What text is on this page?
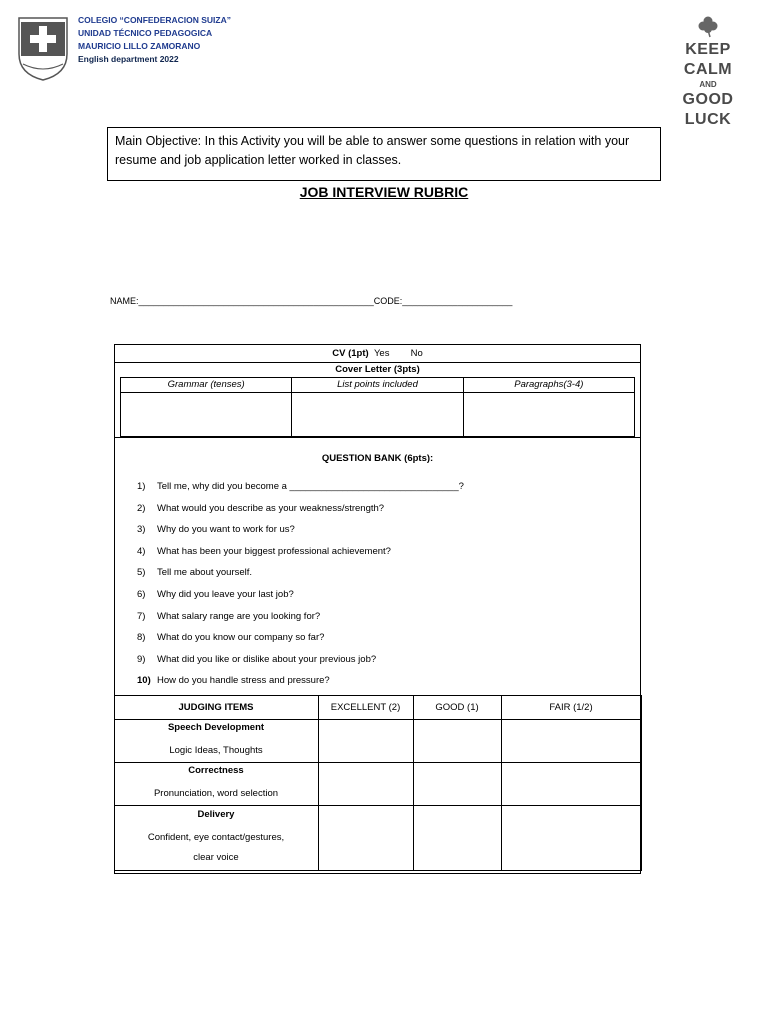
COLEGIO “CONFEDERACION SUIZA”
UNIDAD TÉCNICO PEDAGOGICA
MAURICIO LILLO ZAMORANO
English department 2022
KEEP
CALM
AND
GOOD
LUCK
Main Objective: In this Activity you will be able to answer some questions in relation with your resume and job application letter worked in classes.
JOB INTERVIEW RUBRIC
NAME:_______________________________________________CODE:______________________
CV (1pt) Yes No
Cover Letter (3pts)
Grammar (tenses)	List points included	Paragraphs(3-4)

QUESTION BANK (6pts):
1) Tell me, why did you become a ________________________________?
2) What would you describe as your weakness/strength?
3) Why do you want to work for us?
4) What has been your biggest professional achievement?
5) Tell me about yourself.
6) Why did you leave your last job?
7) What salary range are you looking for?
8) What do you know our company so far?
9) What did you like or dislike about your previous job?
10) How do you handle stress and pressure?
JUDGING ITEMS	EXCELLENT (2)	GOOD (1)	FAIR (1/2)

Speech Development
Logic Ideas, Thoughts			

Correctness
Pronunciation, word selection			

Delivery
Confident, eye contact/gestures,
clear voice			
